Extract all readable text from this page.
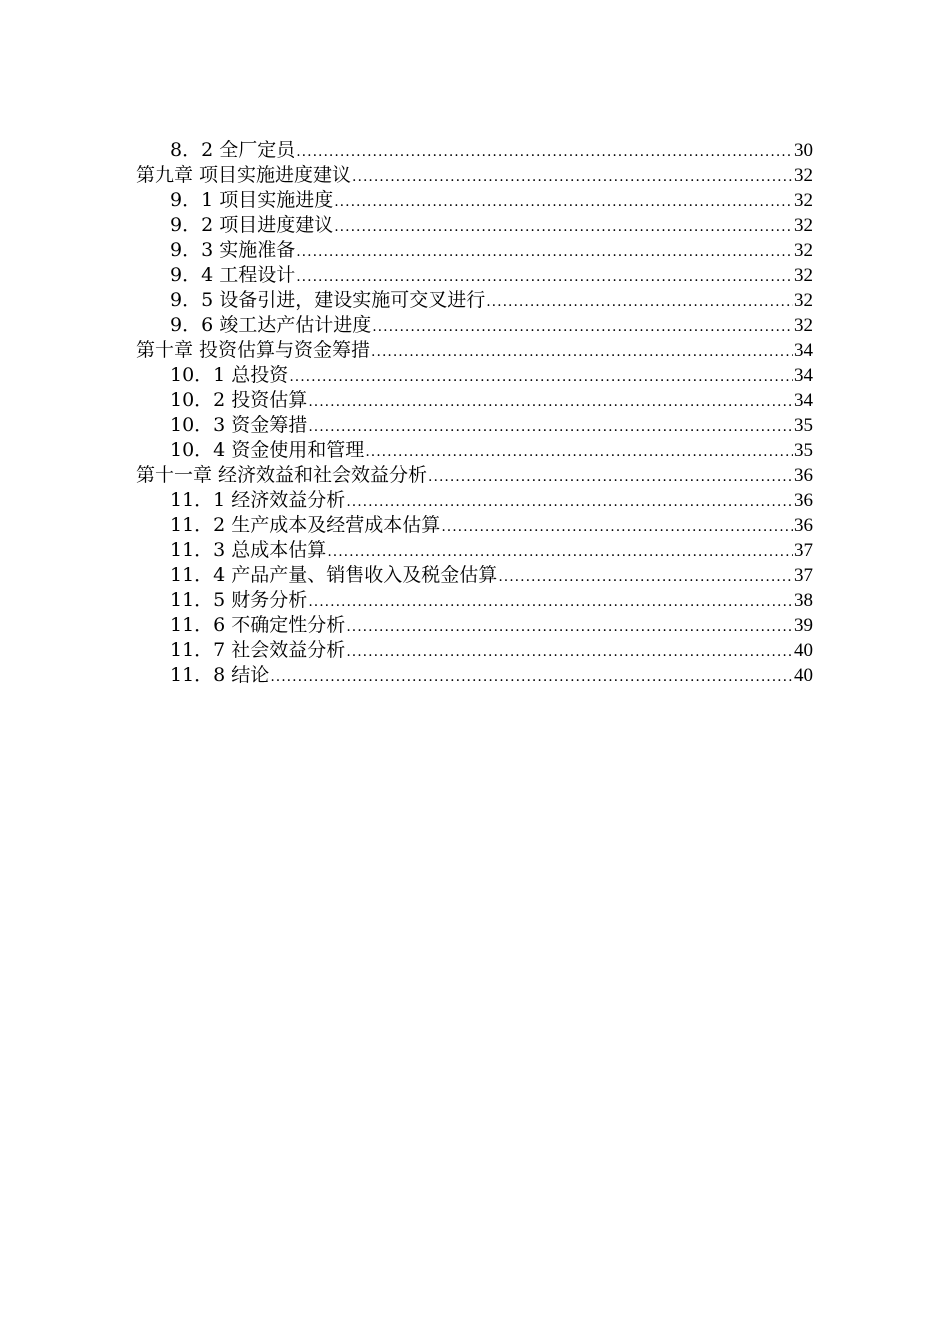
8．2 全厂定员 .....	30
第九章 项目实施进度建议 .....	32
9．1 项目实施进度 .....	32
9．2 项目进度建议 .....	32
9．3 实施准备 .....	32
9．4 工程设计 .....	32
9．5 设备引进，建设实施可交叉进行 .....	32
9．6 竣工达产估计进度 .....	32
第十章 投资估算与资金筹措 .....	34
10．1 总投资 .....	34
10．2 投资估算 .....	34
10．3 资金筹措 .....	35
10．4 资金使用和管理 .....	35
第十一章 经济效益和社会效益分析 .....	36
11．1 经济效益分析 .....	36
11．2 生产成本及经营成本估算 .....	36
11．3 总成本估算 .....	37
11．4 产品产量、销售收入及税金估算 .....	37
11．5 财务分析 .....	38
11．6 不确定性分析 .....	39
11．7 社会效益分析 .....	40
11．8 结论 .....	40
